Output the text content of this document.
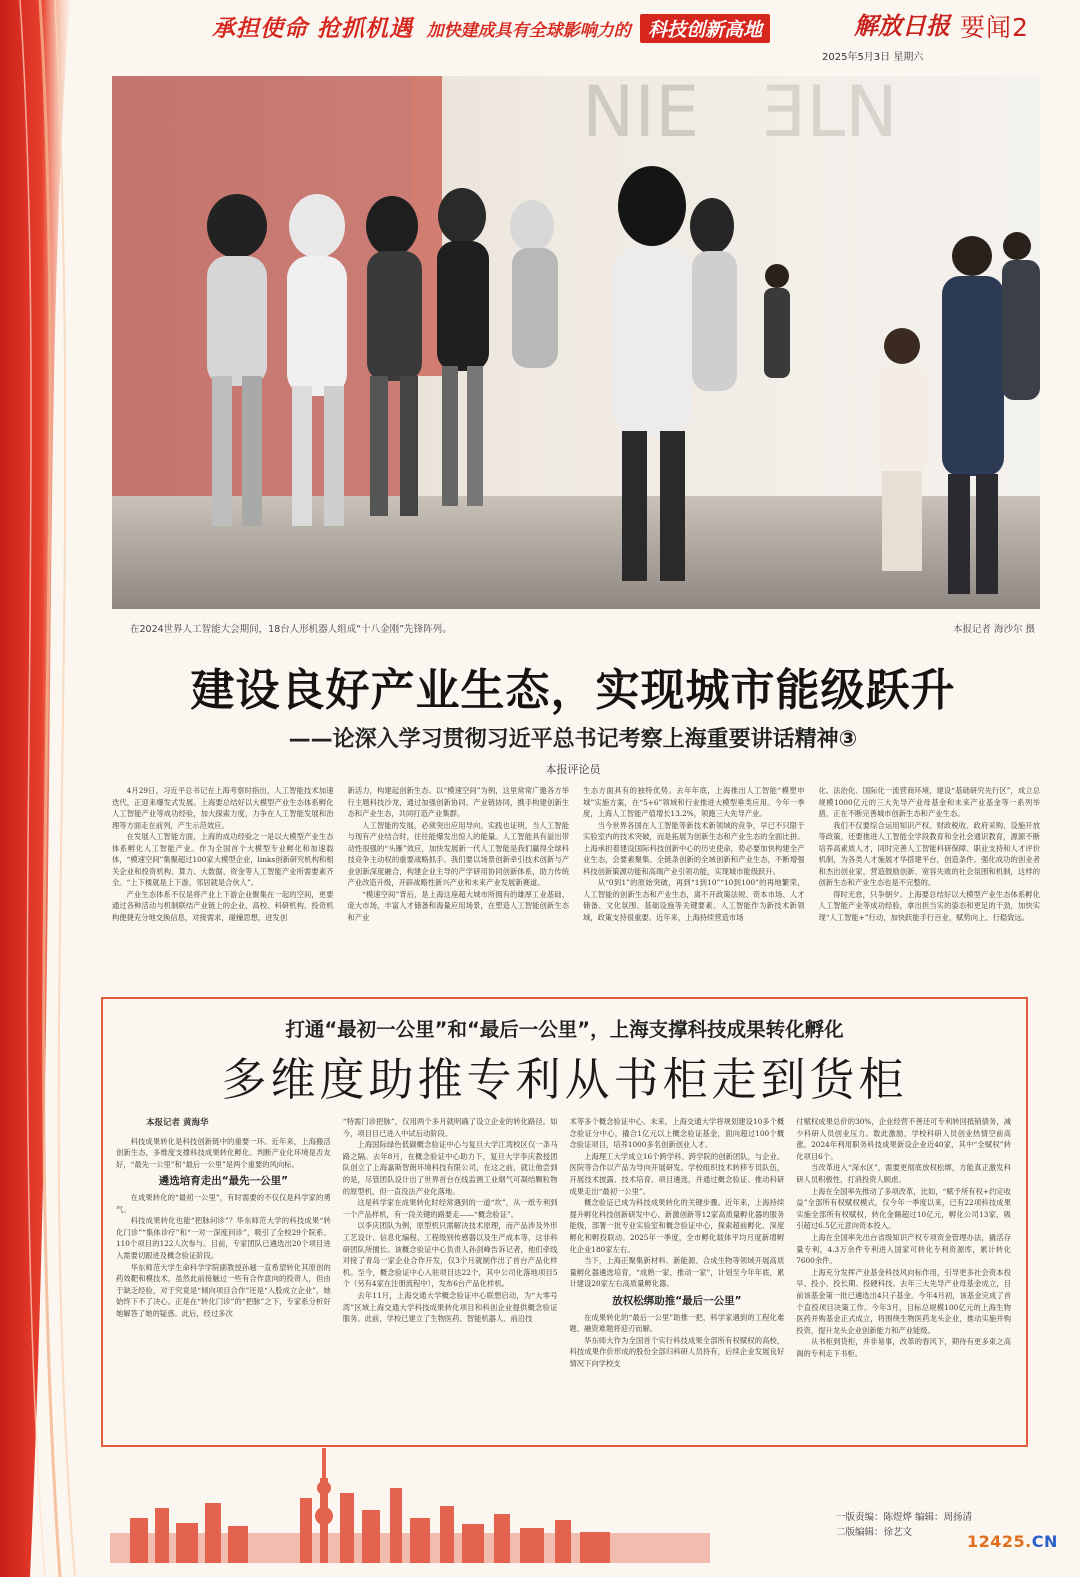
承担使命 抢抓机遇 加快建成具有全球影响力的 科技创新高地	解放日报 要闻2
2025年5月3日 星期六
NIE ƎLN
在2024世界人工智能大会期间，18台人形机器人组成“十八金刚”先锋阵列。	本报记者 海沙尔 摄
建设良好产业生态，实现城市能级跃升
——论深入学习贯彻习近平总书记考察上海重要讲话精神③
本报评论员

4月29日，习近平总书记在上海考察时指出，人工智能技术加速迭代，正迎来爆发式发展。上海要总结好以大模型产业生态体系孵化人工智能产业等成功经验，加大探索力度，力争在人工智能发展和治理等方面走在前列，产生示范效应。

在发展人工智能方面，上海的成功经验之一是以大模型产业生态体系孵化人工智能产业。作为全国首个大模型专业孵化和加速载体，“模速空间”集聚超过100家大模型企业，links创新研究机构和相关企业和投资机构、算力、大数据、资金等人工智能产业所需要素齐全。“上下楼就是上下游，邻居就是合伙人”。

产业生态体系不仅是将产业上下游企业聚集在一起的空间，更要通过各种活动与机制联结产业链上的企业、高校、科研机构、投资机构便捷充分地交换信息，对接需求，碰撞思想，迸发创

新活力，构建起创新生态。以“模速空间”为例，这里常常广邀各方举行主题科技沙龙，通过加强创新协同、产业链协同，携手构建创新生态和产业生态，共同打造产业集群。

人工智能的发展，必须突出应用导向。实践也证明，当人工智能与现有产业结合时，往往能爆发出惊人的能量。人工智能具有溢出带动性很强的“头雁”效应，加快发展新一代人工智能是我们赢得全球科技竞争主动权的重要战略抓手。我们要以场景创新牵引技术创新与产业创新深度融合，构建企业主导的产学研用协同创新体系，助力传统产业改造升级，开辟战略性新兴产业和未来产业发展新赛道。

“模速空间”背后，是上海这座超大城市所拥有的雄厚工业基础、庞大市场，丰富人才储备和海量应用场景，在塑造人工智能创新生态和产业

生态方面具有的独特优势。去年年底，上海推出人工智能“模塑申城”实施方案，在“5+6”领域和行业推进大模型垂类应用。今年一季度，上海人工智能产值增长13.2%，领跑三大先导产业。

当今世界各国在人工智能等新技术新领域的竞争，早已不只限于实验室内的技术突破，而是拓展为创新生态和产业生态的全面比拼。上海承担着建设国际科技创新中心的历史使命，势必要加快构建全产业生态，会要素聚集、全链条创新的全域创新和产业生态，不断增强科技创新策源功能和高端产业引领功能，实现城市能级跃升。

从“0到1”的原始突破，再到“1到10”“10到100”的再地繁荣，人工智能的创新生态和产业生态，离不开政策法规、资本市场、人才储备、文化氛围、基础设施等关键要素。人工智能作为新技术新领域，政策支持很重要。近年来，上海持续营造市场

化、法治化、国际化一流营商环境，建设“基础研究先行区”，成立总规模1000亿元的三大先导产业母基金和未来产业基金等一系列举措，正在不断完善城市创新生态和产业生态。

我们不仅要综合运用知识产权、财政税收、政府采购、设施开放等政策，还要推进人工智能全学段教育和全社会通识教育，源源不断培养高素质人才，同时完善人工智能科研保障、职业支持和人才评价机制，为各类人才施展才华搭建平台，创造条件。强化成功的创业者和杰出创业家，营造鼓励创新、宽容失败的社会氛围和机制，这样的创新生态和产业生态也是不完整的。

得时无怠，只争朝夕。上海要总结好以大模型产业生态体系孵化人工智能产业等成功经验，拿出担当实的姿态和更足的干劲，加快实现“人工智能+”行动，加快跃能手行百业，赋势向上、行稳致远。

打通“最初一公里”和“最后一公里”，上海支撑科技成果转化孵化
多维度助推专利从书柜走到货柜
本报记者 黄海华

科技成果转化是科技创新链中的重要一环。近年来，上海搬活创新生态，多维度支撑科技成果转化孵化。判断产业化环境是否友好，“最先一公里”和“最后一公里”是两个重要的风向标。

遴选培育走出“最先一公里”

在成果转化的“最初一公里”，有时需要的不仅仅是科学家的勇气。

科技成果转化也能“把脉问诊”？华东师范大学的科技成果“转化门诊”“集体诊疗”和“一对一深度问诊”，吸引了全校29个院系、110个项目的122人次参与。目前，专家团队已遴选出20个项目进入需要切跟进及概念验证阶段。

华东师范大学生命科学学院副教授孙越一直希望转化其原创的药效靶和模技术，虽然此前接触过一些有合作意向的投资人，但由于缺乏经验，对于究竟是“倾向项目合作”还是“入股成立企业”，她始终下不了决心。正是在“转化门诊”的“把脉”之下，专家系分析好她解答了她的疑惑。此后，经过多次

“特需门诊把脉”，仅用两个多月就明确了设立企业的转化路径。如今，项目目已进入中试后动阶段。

上海国际绿色低碳概念验证中心与复旦大学江湾校区仅一条马路之隔。去年8月，在概念验证中心助力下，复旦大学李庆教授团队创立了上海嘉斯智朗环境科技有限公司，在这之前，就让他尝到的是，尽管团队设计出了世界首台在线监测工业烟气可凝结颗粒物的原型机，但一直没法产业化落地。

这是科学家在成果转化时经常遇到的一道“坎”，从一纸专利到一个产品样机，有一段关键的路要走——“概念验证”。

以李庆团队为例，原型机只需解决技术原理，而产品涉及外形工艺设计、信息化编程、工程级别传感器以及生产成本等，这非科研团队所擅长。该概念验证中心负责人孙剑峰告诉记者，他们牵线对接了青岛一家企业合作开发，仅3个月就制作出了首台产品化样机。至今，概念验证中心入驻项目达22个，其中公司化落地项目5个（另有4家在注册流程中），发布6台产品化样机。

去年11月，上海交通大学概念验证中心联想启动，为“大零号湾”区域上海交通大学科技成果转化项目和科创企业提供概念验证服务。此前，学校已建立了生物医药、智能机器人、前沿技

术等多个概念验证中心。未来，上海交通大学将规划建设10多个概念验证分中心，撬合1亿元以上概念验证基金，面向超过100个概念验证项目，培养1000多名创新创业人才。

上海理工大学成立16个跨学科、跨学院的创新团队，与企业、医院等合作以产品为导向开展研发。学校组织技术转移专员队伍，开展技术披露、技术培育、项目遴选，并通过概念验证、推动科研成果走出“最初一公里”。

概念验证已成为科技成果转化的关键步骤。近年来，上海持续提升孵化科技创新研发中心、新激创新等12家高质量孵化器的服务能级，部署一批专业实验室和概念验证中心，探索超前孵化、深度孵化和孵投联动。2025年一季度，全市孵化载体平均月度新增孵化企业180家左右。

当下，上海正聚集新材料、新能源、合成生物等领域开展高质量孵化器遴选培育，“成熟一家、推动一家”，计划至今年年底，累计建设20家左右高质量孵化器。

放权松绑助推“最后一公里”

在成果转化的“最后一公里”助推一把，科学家遇到的工程化难题、融资难题将迎刃而解。

华东师大作为全国首个实行科技成果全部所有权赋权的高校，科技成果作价形成的股份全部归科研人员持有，后续企业发展良好情况下向学校支

付赋权成果总价的30%，企业经营不善还可专利转回抵销债务，减少科研人员创业压力。数此激励，学校科研人员创业热情空前高涨，2024年利用职务科技成果新设企业近40家，其中“全赋权”转化项目6个。

当改革进入“深水区”，需要更彻底放权松绑，方能真正激发科研人员积极性，打消投资人顾虑。

上海在全国率先推动了多项改革，比如，“赋予所有权+约定收益”全部所有权赋权模式，仅今年一季度以来，已有22项科技成果实施全部所有权赋权，转化金额超过10亿元，孵化公司13家，吸引超过6.5亿元意向资本投入。

上海在全国率先出台省级知识产权专项资金管理办法，撬活存量专利，4.3万余件专利进入国家可转化专利资源库，累计转化7600余件。

上海充分发挥产业基金科技风向标作用，引导更多社会资本投早、投小、投长期、投硬科技。去年三大先导产业母基金成立，目前该基金第一批已遴选出4只子基金。今年4月初，该基金完成了首个直投项目决策工作。今年3月，目标总规模100亿元的上海生物医药并购基金正式成立，将围绕生物医药龙头企业，推动实施并购投资，提升龙头企业创新能力和产业能级。

从书柜到货柜，并非易事，改革的春风下，期待有更多束之高阁的专利走下书柜。

一版责编：陈煜烨 编辑：周扬清
二版编辑：徐艺文	12425.CN
